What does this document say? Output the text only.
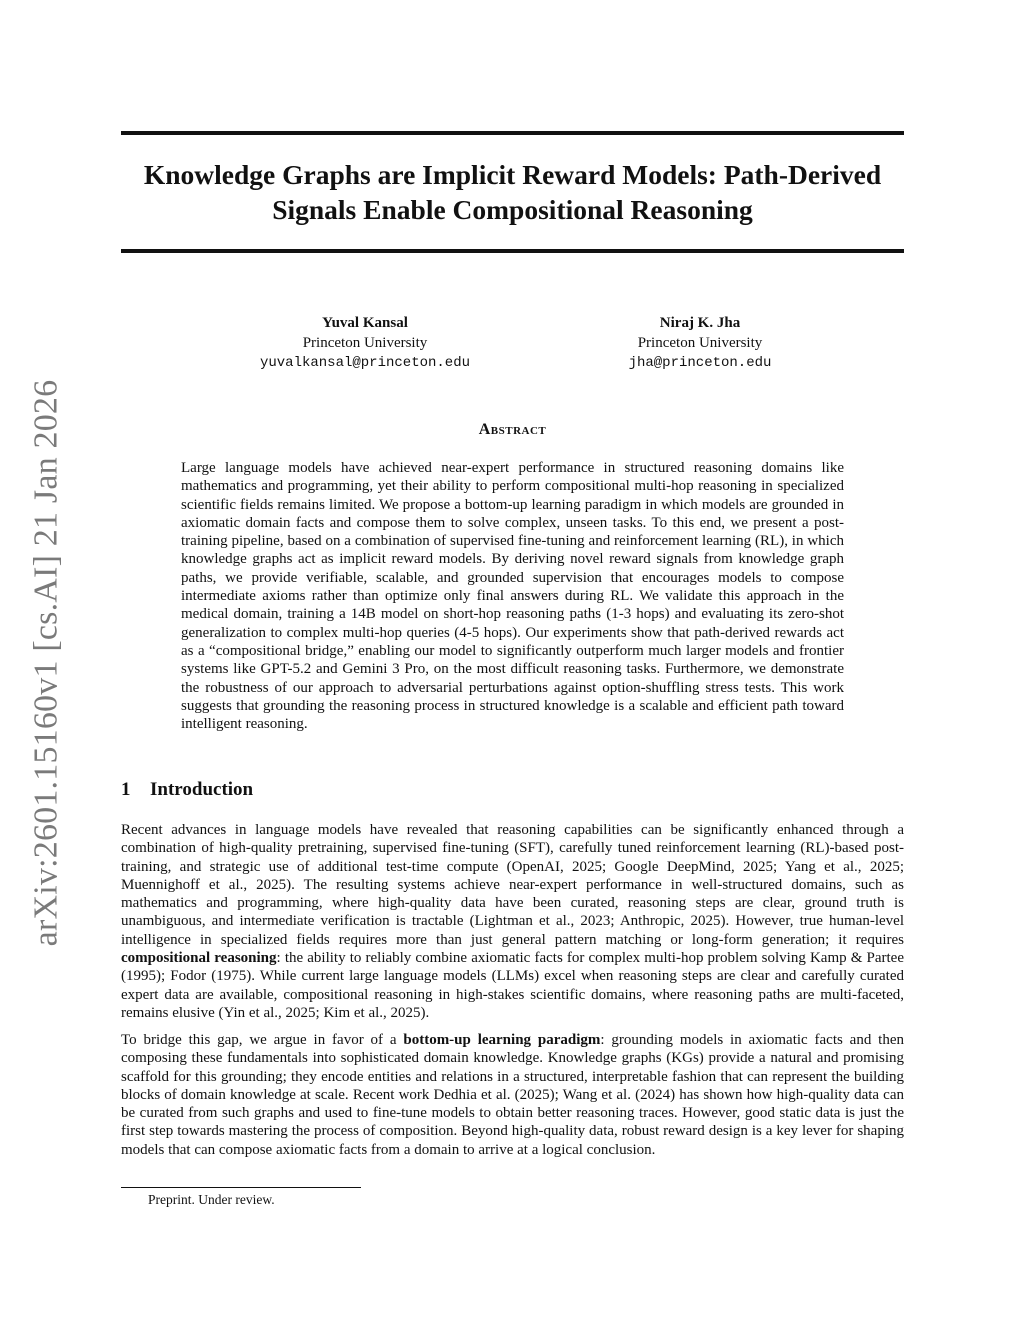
arXiv:2601.15160v1 [cs.AI] 21 Jan 2026
Knowledge Graphs are Implicit Reward Models: Path-Derived Signals Enable Compositional Reasoning
Yuval Kansal
Princeton University
yuvalkansal@princeton.edu
Niraj K. Jha
Princeton University
jha@princeton.edu
Abstract

Large language models have achieved near-expert performance in structured reasoning domains like mathematics and programming, yet their ability to perform compositional multi-hop reasoning in specialized scientific fields remains limited. We propose a bottom-up learning paradigm in which models are grounded in axiomatic domain facts and compose them to solve complex, unseen tasks. To this end, we present a post-training pipeline, based on a combination of supervised fine-tuning and reinforcement learning (RL), in which knowledge graphs act as implicit reward models. By deriving novel reward signals from knowledge graph paths, we provide verifiable, scalable, and grounded supervision that encourages models to compose intermediate axioms rather than optimize only final answers during RL. We validate this approach in the medical domain, training a 14B model on short-hop reasoning paths (1-3 hops) and evaluating its zero-shot generalization to complex multi-hop queries (4-5 hops). Our experiments show that path-derived rewards act as a “compositional bridge,” enabling our model to significantly outperform much larger models and frontier systems like GPT-5.2 and Gemini 3 Pro, on the most difficult reasoning tasks. Furthermore, we demonstrate the robustness of our approach to adversarial perturbations against option-shuffling stress tests. This work suggests that grounding the reasoning process in structured knowledge is a scalable and efficient path toward intelligent reasoning.

1 Introduction

Recent advances in language models have revealed that reasoning capabilities can be significantly enhanced through a combination of high-quality pretraining, supervised fine-tuning (SFT), carefully tuned reinforcement learning (RL)-based post-training, and strategic use of additional test-time compute (OpenAI, 2025; Google DeepMind, 2025; Yang et al., 2025; Muennighoff et al., 2025). The resulting systems achieve near-expert performance in well-structured domains, such as mathematics and programming, where high-quality data have been curated, reasoning steps are clear, ground truth is unambiguous, and intermediate verification is tractable (Lightman et al., 2023; Anthropic, 2025). However, true human-level intelligence in specialized fields requires more than just general pattern matching or long-form generation; it requires compositional reasoning: the ability to reliably combine axiomatic facts for complex multi-hop problem solving Kamp & Partee (1995); Fodor (1975). While current large language models (LLMs) excel when reasoning steps are clear and carefully curated expert data are available, compositional reasoning in high-stakes scientific domains, where reasoning paths are multi-faceted, remains elusive (Yin et al., 2025; Kim et al., 2025).

To bridge this gap, we argue in favor of a bottom-up learning paradigm: grounding models in axiomatic facts and then composing these fundamentals into sophisticated domain knowledge. Knowledge graphs (KGs) provide a natural and promising scaffold for this grounding; they encode entities and relations in a structured, interpretable fashion that can represent the building blocks of domain knowledge at scale. Recent work Dedhia et al. (2025); Wang et al. (2024) has shown how high-quality data can be curated from such graphs and used to fine-tune models to obtain better reasoning traces. However, good static data is just the first step towards mastering the process of composition. Beyond high-quality data, robust reward design is a key lever for shaping models that can compose axiomatic facts from a domain to arrive at a logical conclusion.

Preprint. Under review.
